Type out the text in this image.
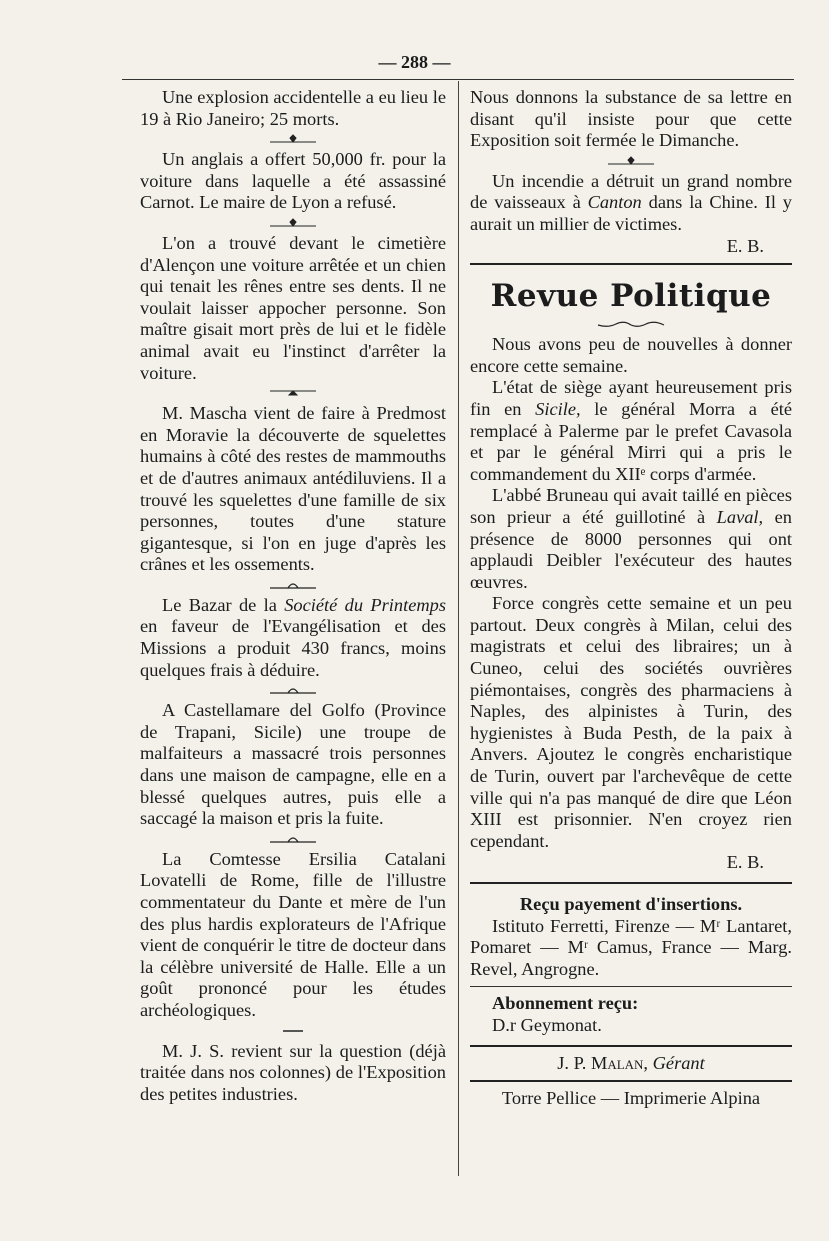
— 288 —

Une explosion accidentelle a eu lieu le 19 à Rio Janeiro; 25 morts.

Un anglais a offert 50,000 fr. pour la voiture dans laquelle a été assassiné Carnot. Le maire de Lyon a refusé.

L'on a trouvé devant le cimetière d'Alençon une voiture arrêtée et un chien qui tenait les rênes entre ses dents. Il ne voulait laisser appocher personne. Son maître gisait mort près de lui et le fidèle animal avait eu l'instinct d'arrêter la voiture.

M. Mascha vient de faire à Predmost en Moravie la découverte de squelettes humains à côté des restes de mammouths et de d'autres animaux antédiluviens. Il a trouvé les squelettes d'une famille de six personnes, toutes d'une stature gigantesque, si l'on en juge d'après les crânes et les ossements.

Le Bazar de la Société du Printemps en faveur de l'Evangélisation et des Missions a produit 430 francs, moins quelques frais à déduire.

A Castellamare del Golfo (Province de Trapani, Sicile) une troupe de malfaiteurs a massacré trois personnes dans une maison de campagne, elle en a blessé quelques autres, puis elle a saccagé la maison et pris la fuite.

La Comtesse Ersilia Catalani Lovatelli de Rome, fille de l'illustre commentateur du Dante et mère de l'un des plus hardis explorateurs de l'Afrique vient de conquérir le titre de docteur dans la célèbre université de Halle. Elle a un goût prononcé pour les études archéologiques.

M. J. S. revient sur la question (déjà traitée dans nos colonnes) de l'Exposition des petites industries.

Nous donnons la substance de sa lettre en disant qu'il insiste pour que cette Exposition soit fermée le Dimanche.

Un incendie a détruit un grand nombre de vaisseaux à Canton dans la Chine. Il y aurait un millier de victimes.

E. B.

Revue Politique

Nous avons peu de nouvelles à donner encore cette semaine.

L'état de siège ayant heureusement pris fin en Sicile, le général Morra a été remplacé à Palerme par le prefet Cavasola et par le général Mirri qui a pris le commandement du XIIᵉ corps d'armée.

L'abbé Bruneau qui avait taillé en pièces son prieur a été guillotiné à Laval, en présence de 8000 personnes qui ont applaudi Deibler l'exécuteur des hautes œuvres.

Force congrès cette semaine et un peu partout. Deux congrès à Milan, celui des magistrats et celui des libraires; un à Cuneo, celui des sociétés ouvrières piémontaises, congrès des pharmaciens à Naples, des alpinistes à Turin, des hygienistes à Buda Pesth, de la paix à Anvers. Ajoutez le congrès encharistique de Turin, ouvert par l'archevêque de cette ville qui n'a pas manqué de dire que Léon XIII est prisonnier. N'en croyez rien cependant.

E. B.

Reçu payement d'insertions.

Istituto Ferretti, Firenze — Mʳ Lantaret, Pomaret — Mʳ Camus, France — Marg. Revel, Angrogne.

Abonnement reçu:

D.r Geymonat.

J. P. Malan, Gérant

Torre Pellice — Imprimerie Alpina
